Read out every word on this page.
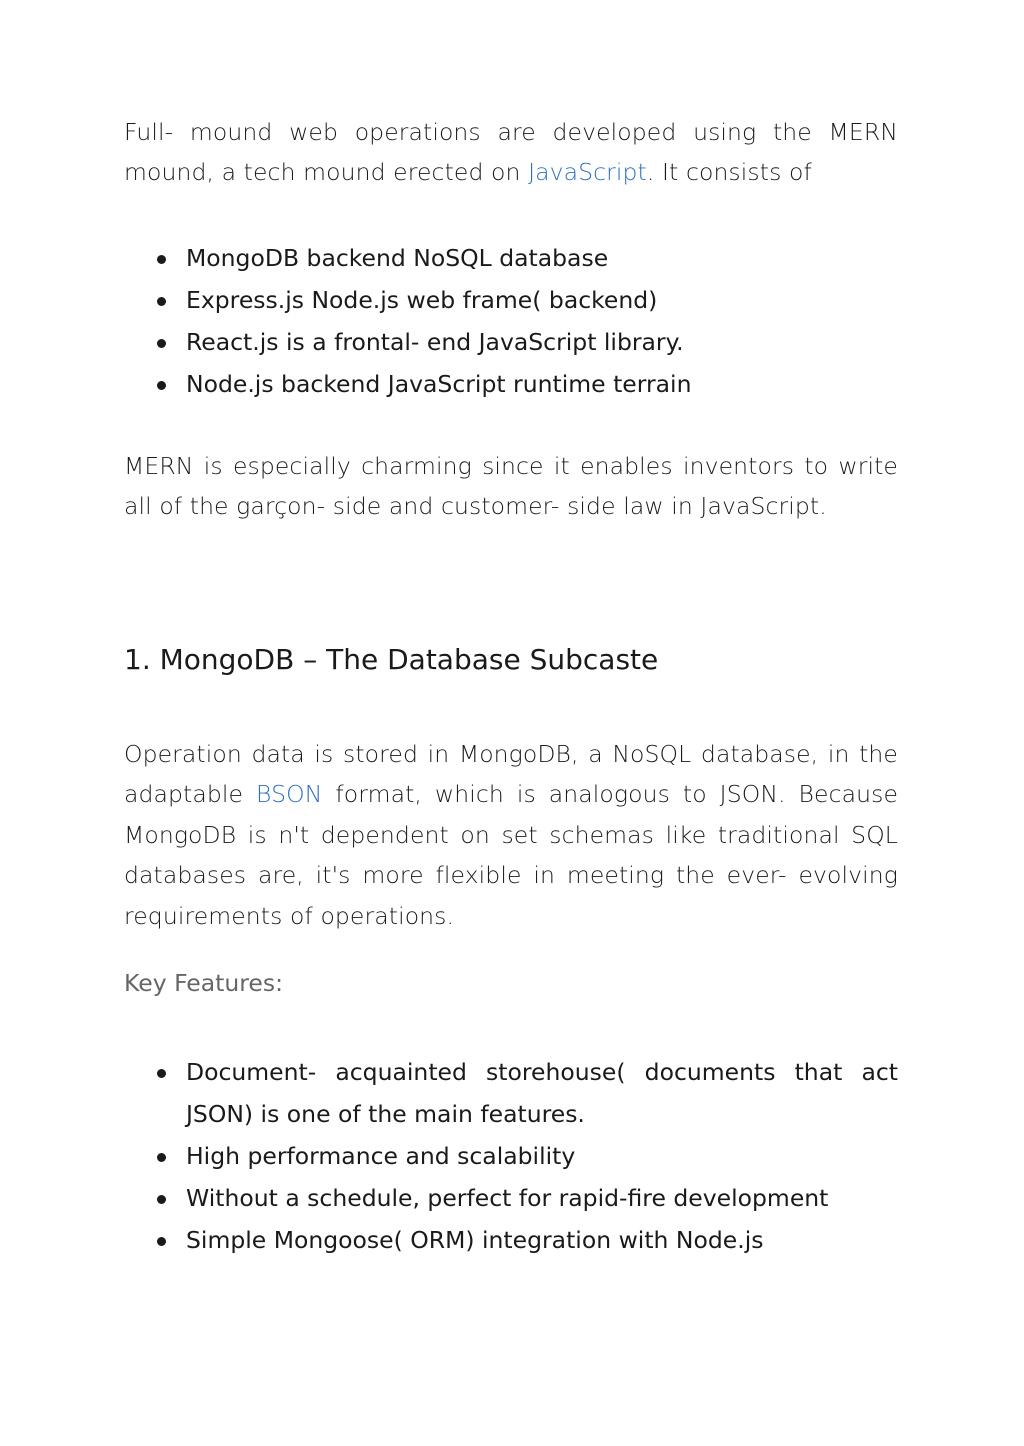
Full- mound web operations are developed using the MERN mound, a tech mound erected on JavaScript. It consists of

MongoDB backend NoSQL database
Express.js Node.js web frame( backend)
React.js is a frontal- end JavaScript library.
Node.js backend JavaScript runtime terrain

MERN is especially charming since it enables inventors to write all of the garçon- side and customer- side law in JavaScript.

1. MongoDB – The Database Subcaste

Operation data is stored in MongoDB, a NoSQL database, in the adaptable BSON format, which is analogous to JSON. Because MongoDB is n't dependent on set schemas like traditional SQL databases are, it's more flexible in meeting the ever- evolving requirements of operations.

Key Features:
Document- acquainted storehouse( documents that act JSON) is one of the main features.
High performance and scalability
Without a schedule, perfect for rapid-fire development
Simple Mongoose( ORM) integration with Node.js
